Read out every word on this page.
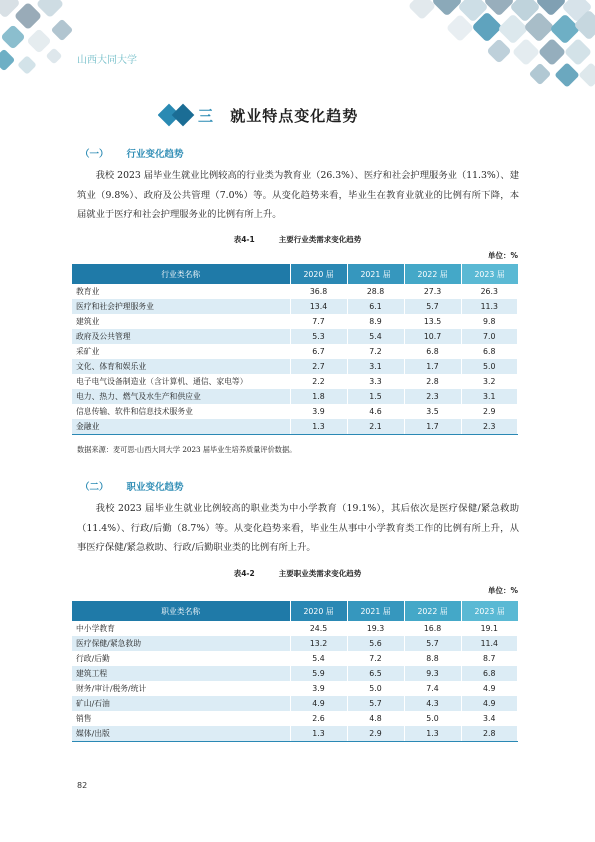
山西大同大学
三 就业特点变化趋势
（一） 行业变化趋势

我校 2023 届毕业生就业比例较高的行业类为教育业（26.3%）、医疗和社会护理服务业（11.3%）、建筑业（9.8%）、政府及公共管理（7.0%）等。从变化趋势来看，毕业生在教育业就业的比例有所下降，本届就业于医疗和社会护理服务业的比例有所上升。

表4-1	主要行业类需求变化趋势
单位：%
行业类名称	2020 届	2021 届	2022 届	2023 届
教育业	36.8	28.8	27.3	26.3
医疗和社会护理服务业	13.4	6.1	5.7	11.3
建筑业	7.7	8.9	13.5	9.8
政府及公共管理	5.3	5.4	10.7	7.0
采矿业	6.7	7.2	6.8	6.8
文化、体育和娱乐业	2.7	3.1	1.7	5.0
电子电气设备制造业（含计算机、通信、家电等）	2.2	3.3	2.8	3.2
电力、热力、燃气及水生产和供应业	1.8	1.5	2.3	3.1
信息传输、软件和信息技术服务业	3.9	4.6	3.5	2.9
金融业	1.3	2.1	1.7	2.3
数据来源：麦可思-山西大同大学 2023 届毕业生培养质量评价数据。
（二） 职业变化趋势

我校 2023 届毕业生就业比例较高的职业类为中小学教育（19.1%），其后依次是医疗保健/紧急救助（11.4%）、行政/后勤（8.7%）等。从变化趋势来看，毕业生从事中小学教育类工作的比例有所上升，从事医疗保健/紧急救助、行政/后勤职业类的比例有所上升。

表4-2	主要职业类需求变化趋势
单位：%
职业类名称	2020 届	2021 届	2022 届	2023 届
中小学教育	24.5	19.3	16.8	19.1
医疗保健/紧急救助	13.2	5.6	5.7	11.4
行政/后勤	5.4	7.2	8.8	8.7
建筑工程	5.9	6.5	9.3	6.8
财务/审计/税务/统计	3.9	5.0	7.4	4.9
矿山/石油	4.9	5.7	4.3	4.9
销售	2.6	4.8	5.0	3.4
媒体/出版	1.3	2.9	1.3	2.8
82
